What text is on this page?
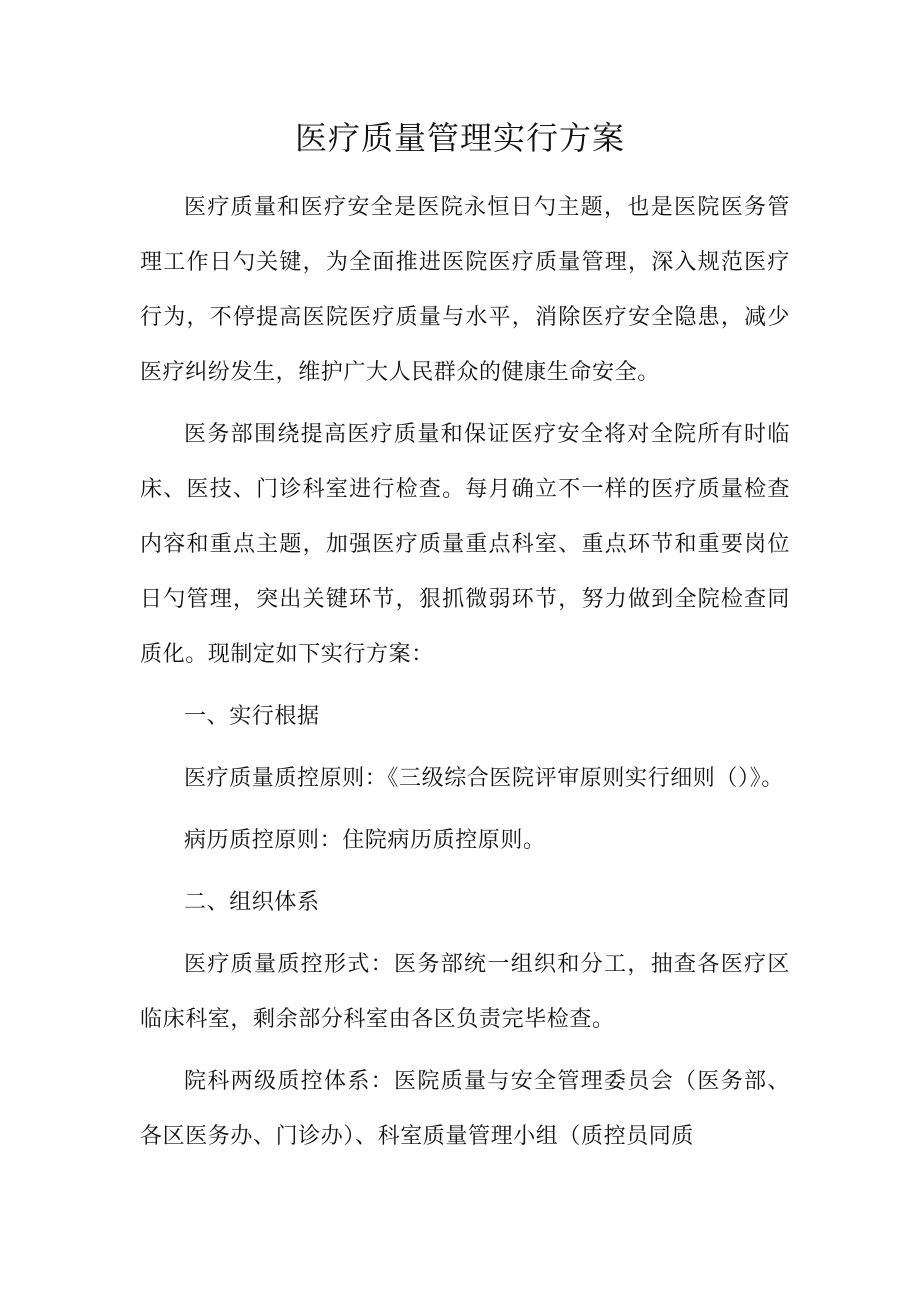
医疗质量管理实行方案

医疗质量和医疗安全是医院永恒日勺主题，也是医院医务管理工作日勺关键，为全面推进医院医疗质量管理，深入规范医疗行为，不停提高医院医疗质量与水平，消除医疗安全隐患，减少医疗纠纷发生，维护广大人民群众的健康生命安全。

医务部围绕提高医疗质量和保证医疗安全将对全院所有时临床、医技、门诊科室进行检查。每月确立不一样的医疗质量检查内容和重点主题，加强医疗质量重点科室、重点环节和重要岗位日勺管理，突出关键环节，狠抓微弱环节，努力做到全院检查同质化。现制定如下实行方案：

一、实行根据

医疗质量质控原则：《三级综合医院评审原则实行细则（）》。

病历质控原则：住院病历质控原则。

二、组织体系

医疗质量质控形式：医务部统一组织和分工，抽查各医疗区临床科室，剩余部分科室由各区负责完毕检查。

院科两级质控体系：医院质量与安全管理委员会（医务部、各区医务办、门诊办）、科室质量管理小组（质控员同质
